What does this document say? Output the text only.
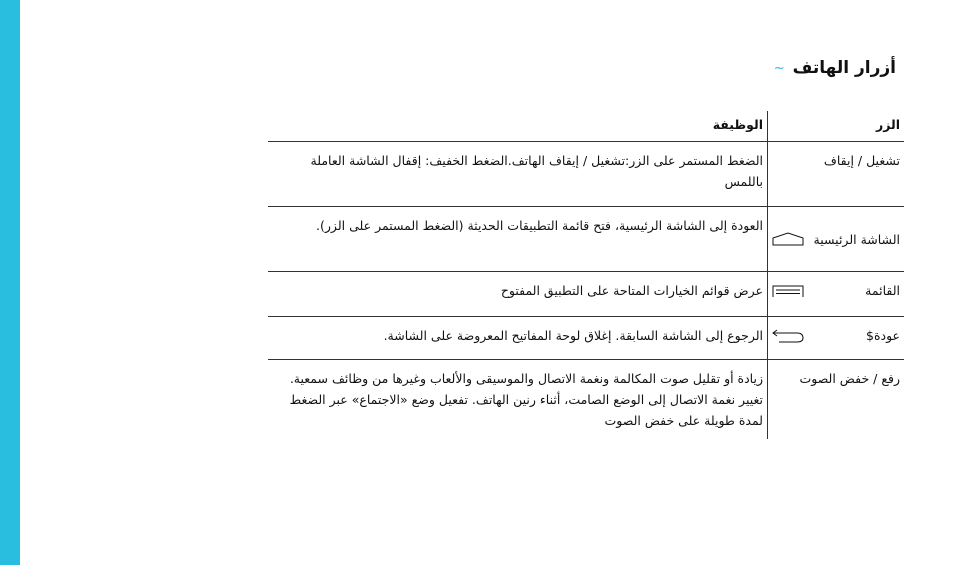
أزرار الهاتف
~
الزر	الوظيفة
تشغيل / إيقاف	الضغط المستمر على الزر:تشغيل / إيقاف الهاتف.الضغط الخفيف: إقفال الشاشة العاملة باللمس

الشاشة الرئيسية	العودة إلى الشاشة الرئيسية، فتح قائمة التطبيقات الحديثة (الضغط المستمر على الزر).

القائمة	عرض قوائم الخيارات المتاحة على التطبيق المفتوح

عودة$	الرجوع إلى الشاشة السابقة. إغلاق لوحة المفاتيح المعروضة على الشاشة.
رفع / خفض الصوت	زيادة أو تقليل صوت المكالمة ونغمة الاتصال والموسيقى والألعاب وغيرها من وظائف سمعية. تغيير نغمة الاتصال إلى الوضع الصامت، أثناء رنين الهاتف. تفعيل وضع «الاجتماع» عبر الضغط لمدة طويلة على خفض الصوت
